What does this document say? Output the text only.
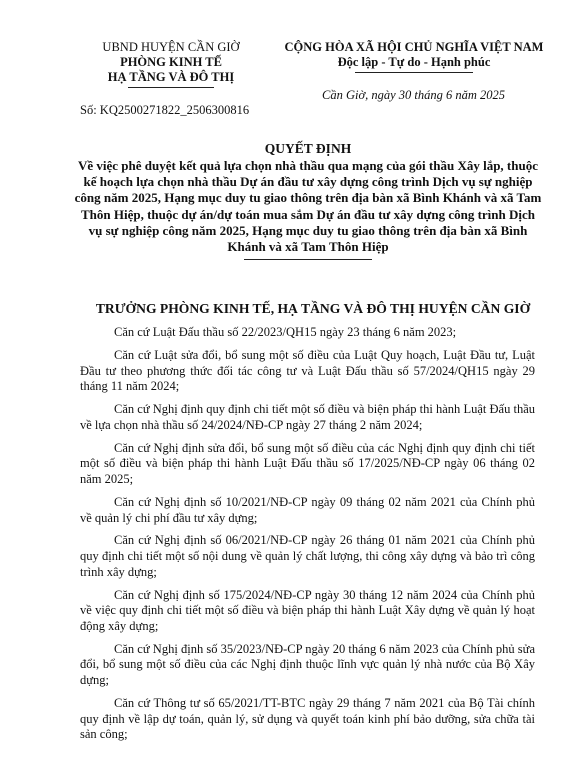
UBND HUYỆN CẦN GIỜ
PHÒNG KINH TẾ
HẠ TẦNG VÀ ĐÔ THỊ
CỘNG HÒA XÃ HỘI CHỦ NGHĨA VIỆT NAM
Độc lập - Tự do - Hạnh phúc
Cần Giờ, ngày 30 tháng 6 năm 2025
Số: KQ2500271822_2506300816
QUYẾT ĐỊNH
Về việc phê duyệt kết quả lựa chọn nhà thầu qua mạng của gói thầu Xây lắp, thuộc kế hoạch lựa chọn nhà thầu Dự án đầu tư xây dựng công trình Dịch vụ sự nghiệp công năm 2025, Hạng mục duy tu giao thông trên địa bàn xã Bình Khánh và xã Tam Thôn Hiệp, thuộc dự án/dự toán mua sắm Dự án đầu tư xây dựng công trình Dịch vụ sự nghiệp công năm 2025, Hạng mục duy tu giao thông trên địa bàn xã Bình Khánh và xã Tam Thôn Hiệp
TRƯỞNG PHÒNG KINH TẾ, HẠ TẦNG VÀ ĐÔ THỊ HUYỆN CẦN GIỜ

Căn cứ Luật Đấu thầu số 22/2023/QH15 ngày 23 tháng 6 năm 2023;

Căn cứ Luật sửa đổi, bổ sung một số điều của Luật Quy hoạch, Luật Đầu tư, Luật Đầu tư theo phương thức đối tác công tư và Luật Đấu thầu số 57/2024/QH15 ngày 29 tháng 11 năm 2024;

Căn cứ Nghị định quy định chi tiết một số điều và biện pháp thi hành Luật Đấu thầu về lựa chọn nhà thầu số 24/2024/NĐ-CP ngày 27 tháng 2 năm 2024;

Căn cứ Nghị định sửa đổi, bổ sung một số điều của các Nghị định quy định chi tiết một số điều và biện pháp thi hành Luật Đấu thầu số 17/2025/NĐ-CP ngày 06 tháng 02 năm 2025;

Căn cứ Nghị định số 10/2021/NĐ-CP ngày 09 tháng 02 năm 2021 của Chính phủ về quản lý chi phí đầu tư xây dựng;

Căn cứ Nghị định số 06/2021/NĐ-CP ngày 26 tháng 01 năm 2021 của Chính phủ quy định chi tiết một số nội dung về quản lý chất lượng, thi công xây dựng và bảo trì công trình xây dựng;

Căn cứ Nghị định số 175/2024/NĐ-CP ngày 30 tháng 12 năm 2024 của Chính phủ về việc quy định chi tiết một số điều và biện pháp thi hành Luật Xây dựng về quản lý hoạt động xây dựng;

Căn cứ Nghị định số 35/2023/NĐ-CP ngày 20 tháng 6 năm 2023 của Chính phủ sửa đổi, bổ sung một số điều của các Nghị định thuộc lĩnh vực quản lý nhà nước của Bộ Xây dựng;

Căn cứ Thông tư số 65/2021/TT-BTC ngày 29 tháng 7 năm 2021 của Bộ Tài chính quy định về lập dự toán, quản lý, sử dụng và quyết toán kinh phí bảo dưỡng, sửa chữa tài sản công;
